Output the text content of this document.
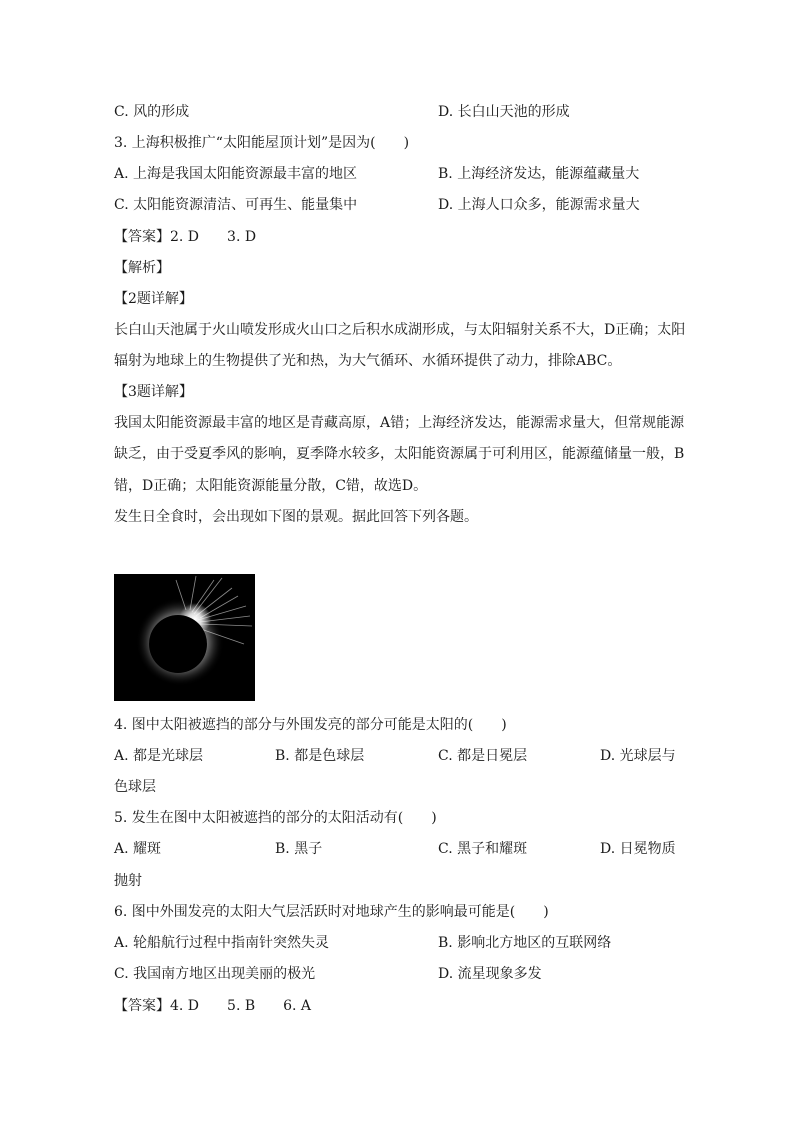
C. 风的形成	D. 长白山天池的形成
3. 上海积极推广“太阳能屋顶计划”是因为(　　)
A. 上海是我国太阳能资源最丰富的地区	B. 上海经济发达，能源蕴藏量大
C. 太阳能资源清洁、可再生、能量集中	D. 上海人口众多，能源需求量大
【答案】2. D　　3. D
【解析】
【2题详解】
长白山天池属于火山喷发形成火山口之后积水成湖形成，与太阳辐射关系不大，D正确；太阳
辐射为地球上的生物提供了光和热，为大气循环、水循环提供了动力，排除ABC。
【3题详解】
我国太阳能资源最丰富的地区是青藏高原，A错；上海经济发达，能源需求量大，但常规能源
缺乏，由于受夏季风的影响，夏季降水较多，太阳能资源属于可利用区，能源蕴储量一般，B
错，D正确；太阳能资源能量分散，C错，故选D。
发生日全食时，会出现如下图的景观。据此回答下列各题。
4. 图中太阳被遮挡的部分与外围发亮的部分可能是太阳的(　　)
A. 都是光球层	B. 都是色球层	C. 都是日冕层	D. 光球层与
色球层
5. 发生在图中太阳被遮挡的部分的太阳活动有(　　)
A. 耀斑	B. 黑子	C. 黑子和耀斑	D. 日冕物质
抛射
6. 图中外围发亮的太阳大气层活跃时对地球产生的影响最可能是(　　)
A. 轮船航行过程中指南针突然失灵	B. 影响北方地区的互联网络
C. 我国南方地区出现美丽的极光	D. 流星现象多发
【答案】4. D　　5. B　　6. A
